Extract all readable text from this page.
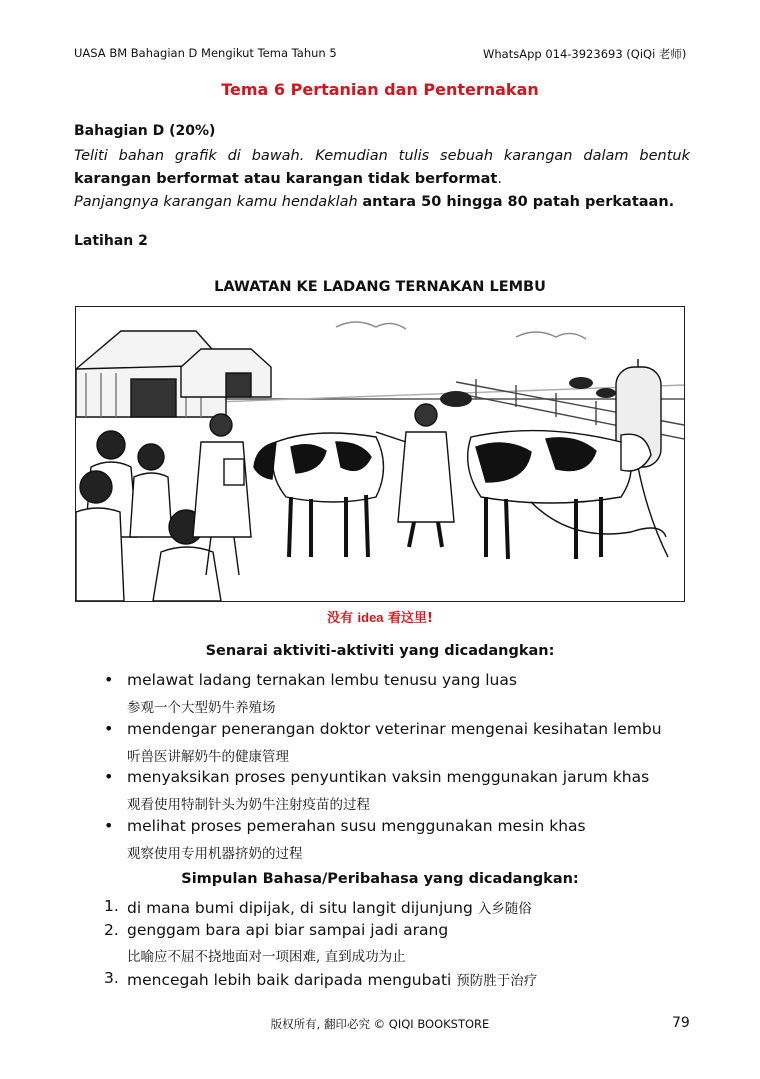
UASA BM Bahagian D Mengikut Tema Tahun 5	WhatsApp 014-3923693 (QiQi 老师)
Tema 6 Pertanian dan Penternakan
Bahagian D (20%)
Teliti bahan grafik di bawah. Kemudian tulis sebuah karangan dalam bentuk
karangan berformat atau karangan tidak berformat.
Panjangnya karangan kamu hendaklah antara 50 hingga 80 patah perkataan.
Latihan 2
LAWATAN KE LADANG TERNAKAN LEMBU
没有 idea 看这里!
Senarai aktiviti-aktiviti yang dicadangkan:
• melawat ladang ternakan lembu tenusu yang luas
参观一个大型奶牛养殖场
• mendengar penerangan doktor veterinar mengenai kesihatan lembu
听兽医讲解奶牛的健康管理
• menyaksikan proses penyuntikan vaksin menggunakan jarum khas
观看使用特制针头为奶牛注射疫苗的过程
• melihat proses pemerahan susu menggunakan mesin khas
观察使用专用机器挤奶的过程
Simpulan Bahasa/Peribahasa yang dicadangkan:
1. di mana bumi dipijak, di situ langit dijunjung 入乡随俗
2. genggam bara api biar sampai jadi arang
比喻应不屈不挠地面对一项困难, 直到成功为止
3. mencegah lebih baik daripada mengubati 预防胜于治疗
版权所有, 翻印必究 © QIQI BOOKSTORE	79
